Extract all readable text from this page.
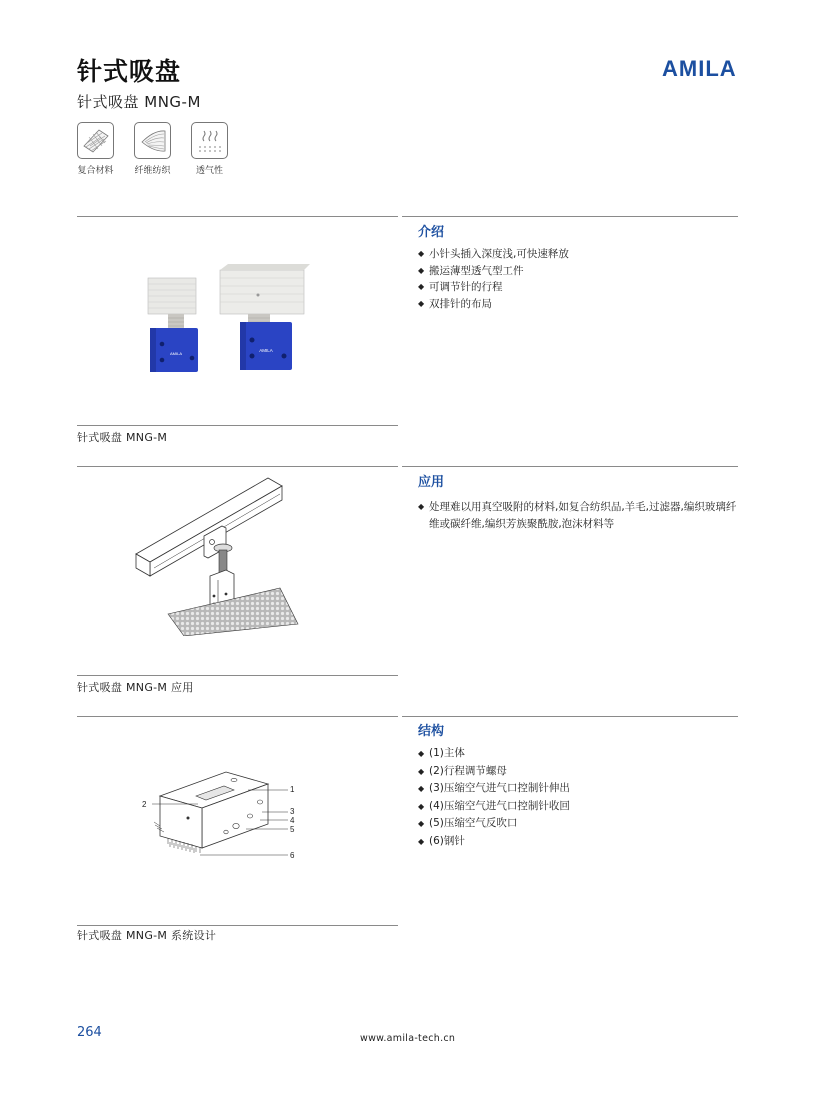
针式吸盘
针式吸盘 MNG-M
AMILA
复合材料 纤维纺织	透气性
AMILA
AMILA
针式吸盘 MNG-M
介绍
◆ 小针头插入深度浅,可快速释放
◆ 搬运薄型透气型工件
◆ 可调节针的行程
◆ 双排针的布局
针式吸盘 MNG-M 应用
应用
◆ 处理难以用真空吸附的材料,如复合纺织品,羊毛,过滤器,编织玻璃纤维或碳纤维,编织芳族聚酰胺,泡沫材料等
1
2
3
4
5
6
针式吸盘 MNG-M 系统设计
结构
◆ (1)主体
◆ (2)行程调节螺母
◆ (3)压缩空气进气口控制针伸出
◆ (4)压缩空气进气口控制针收回
◆ (5)压缩空气反吹口
◆ (6)钢针
264	www.amila-tech.cn
